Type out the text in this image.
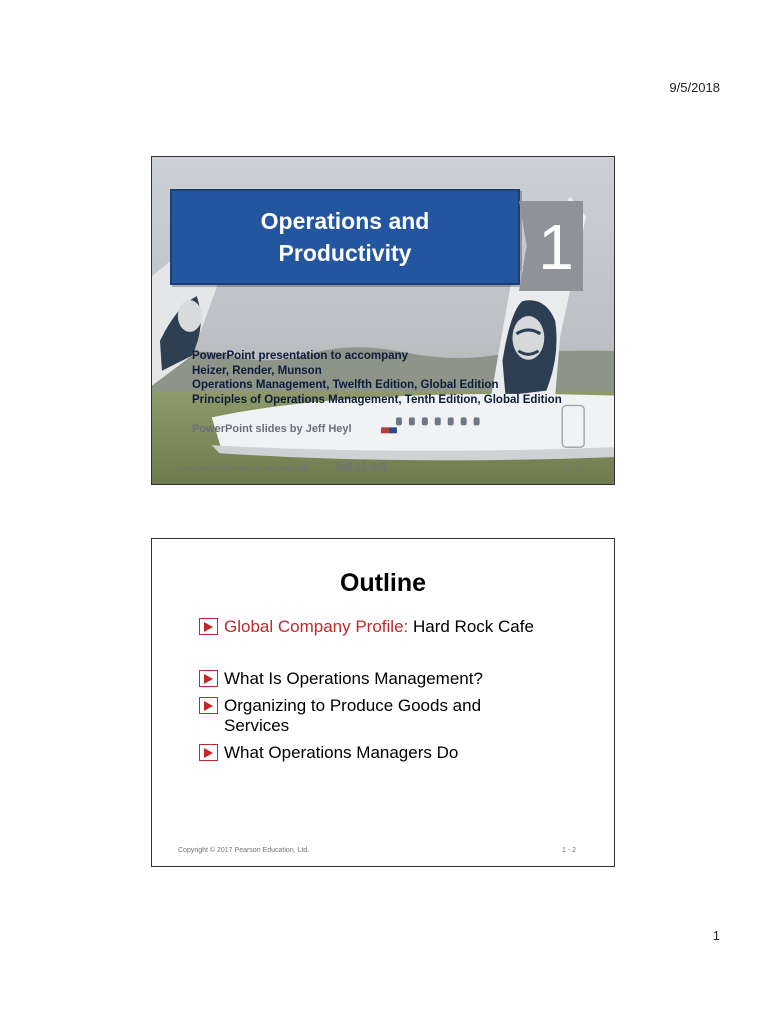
9/5/2018
N611AS
Operations and
Productivity	1
PowerPoint presentation to accompany
Heizer, Render, Munson
Operations Management, Twelfth Edition, Global Edition
Principles of Operations Management, Tenth Edition, Global Edition
PowerPoint slides by Jeff Heyl
Copyright © 2017 Pearson Education, Ltd.	1 - 1
Outline
Global Company Profile: Hard Rock Cafe
What Is Operations Management?
Organizing to Produce Goods and Services
What Operations Managers Do
Copyright © 2017 Pearson Education, Ltd.	1 - 2
1
